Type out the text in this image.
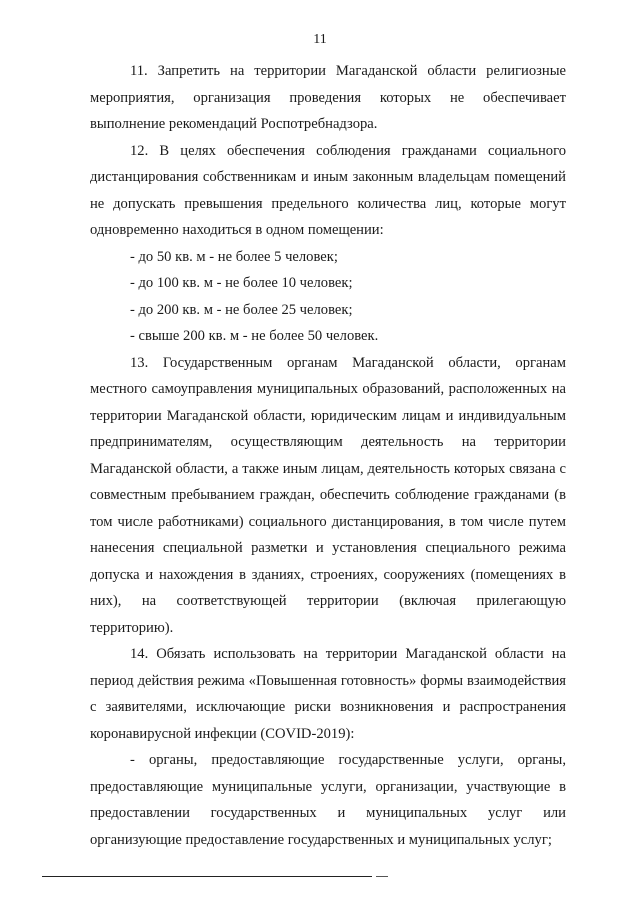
11

11. Запретить на территории Магаданской области религиозные мероприятия, организация проведения которых не обеспечивает выполнение рекомендаций Роспотребнадзора.

12. В целях обеспечения соблюдения гражданами социального дистанцирования собственникам и иным законным владельцам помещений не допускать превышения предельного количества лиц, которые могут одновременно находиться в одном помещении:

- до 50 кв. м - не более 5 человек;

- до 100 кв. м - не более 10 человек;

- до 200 кв. м - не более 25 человек;

- свыше 200 кв. м - не более 50 человек.

13. Государственным органам Магаданской области, органам местного самоуправления муниципальных образований, расположенных на территории Магаданской области, юридическим лицам и индивидуальным предпринимателям, осуществляющим деятельность на территории Магаданской области, а также иным лицам, деятельность которых связана с совместным пребыванием граждан, обеспечить соблюдение гражданами (в том числе работниками) социального дистанцирования, в том числе путем нанесения специальной разметки и установления специального режима допуска и нахождения в зданиях, строениях, сооружениях (помещениях в них), на соответствующей территории (включая прилегающую территорию).

14. Обязать использовать на территории Магаданской области на период действия режима «Повышенная готовность» формы взаимодействия с заявителями, исключающие риски возникновения и распространения коронавирусной инфекции (COVID-2019):

- органы, предоставляющие государственные услуги, органы, предоставляющие муниципальные услуги, организации, участвующие в предоставлении государственных и муниципальных услуг или организующие предоставление государственных и муниципальных услуг;
